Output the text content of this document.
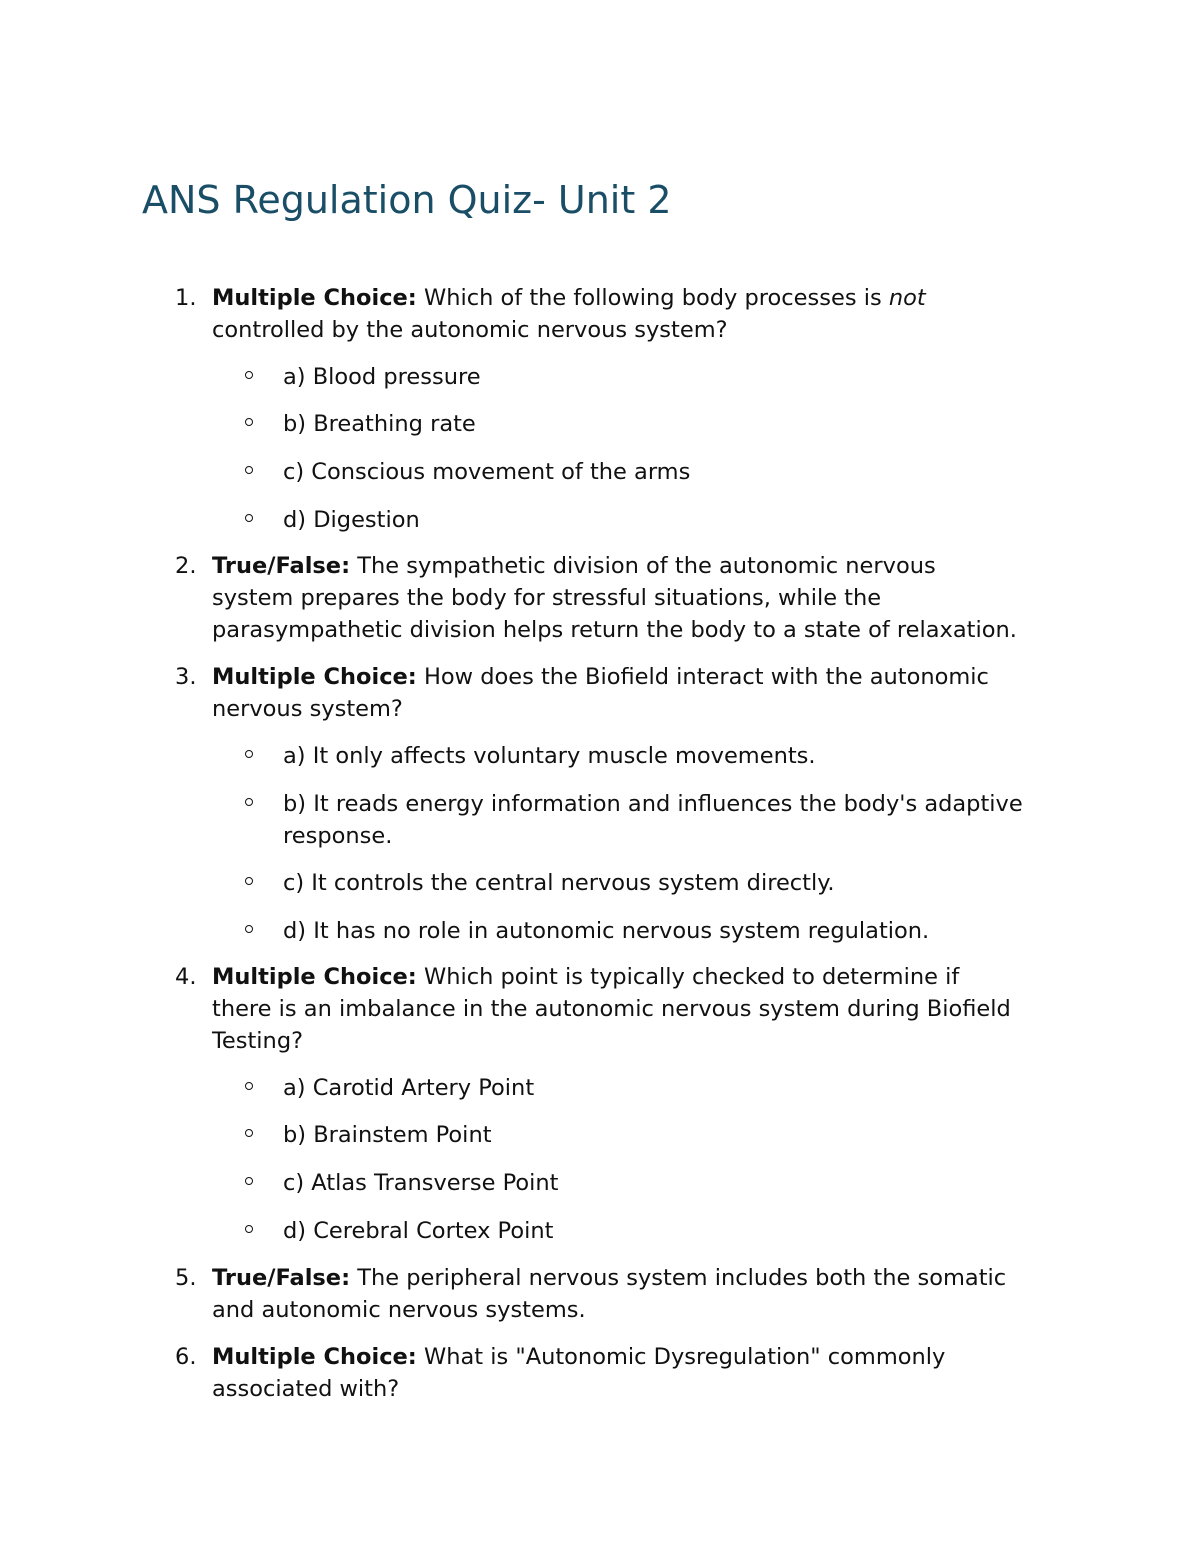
ANS Regulation Quiz- Unit 2
1. Multiple Choice: Which of the following body processes is not
controlled by the autonomic nervous system?
a) Blood pressure
b) Breathing rate
c) Conscious movement of the arms
d) Digestion
2. True/False: The sympathetic division of the autonomic nervous
system prepares the body for stressful situations, while the
parasympathetic division helps return the body to a state of relaxation.
3. Multiple Choice: How does the Biofield interact with the autonomic
nervous system?
a) It only affects voluntary muscle movements.
b) It reads energy information and influences the body's adaptive
response.
c) It controls the central nervous system directly.
d) It has no role in autonomic nervous system regulation.
4. Multiple Choice: Which point is typically checked to determine if
there is an imbalance in the autonomic nervous system during Biofield
Testing?
a) Carotid Artery Point
b) Brainstem Point
c) Atlas Transverse Point
d) Cerebral Cortex Point
5. True/False: The peripheral nervous system includes both the somatic
and autonomic nervous systems.
6. Multiple Choice: What is "Autonomic Dysregulation" commonly
associated with?
